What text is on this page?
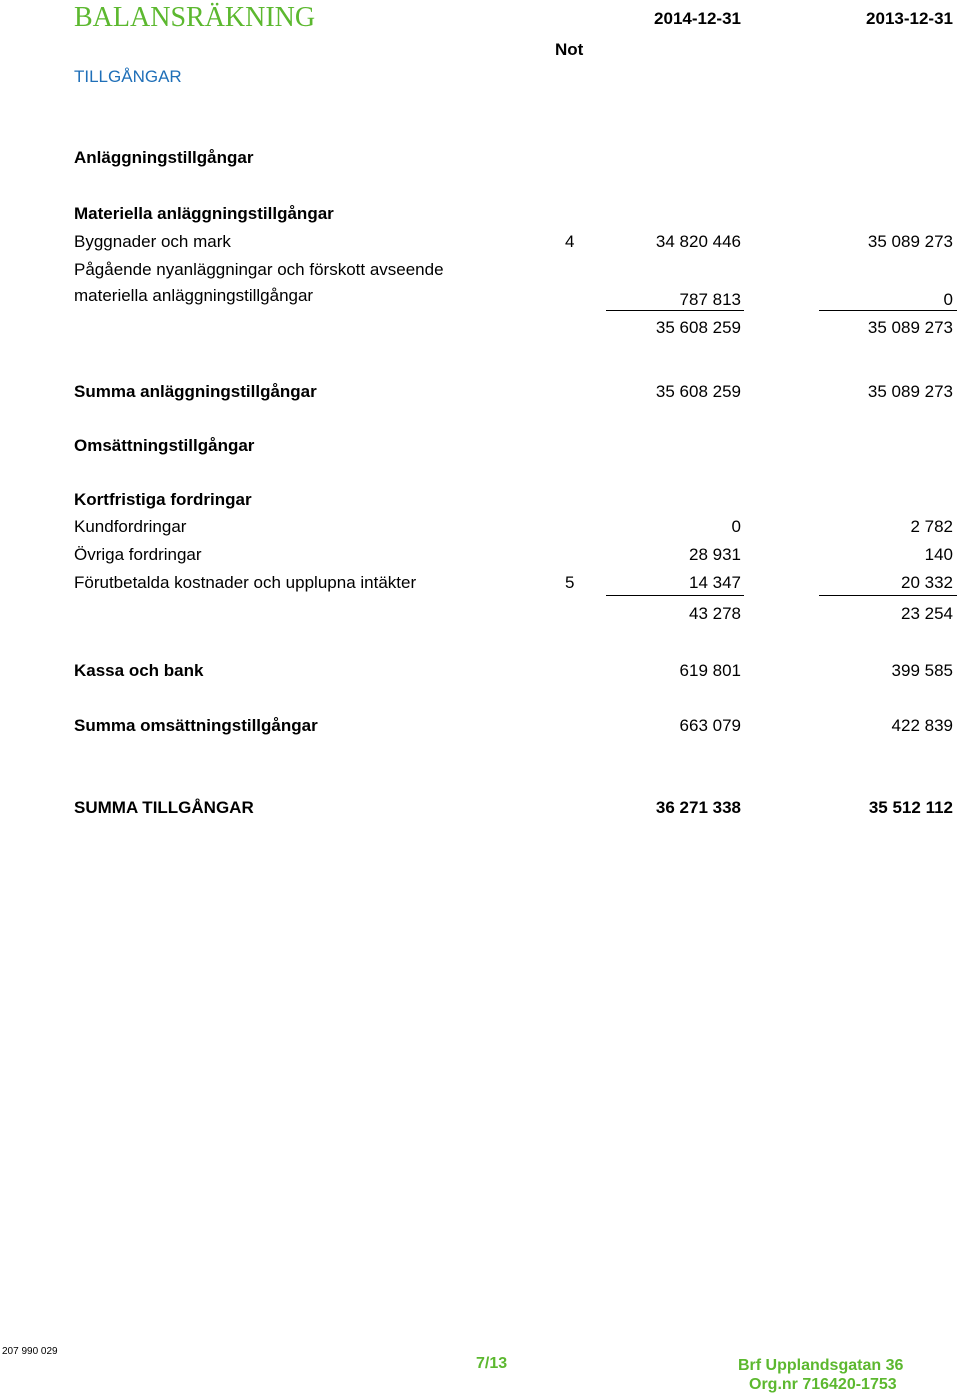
BALANSRÄKNING	2014-12-31	2013-12-31
Not
TILLGÅNGAR
Anläggningstillgångar
Materiella anläggningstillgångar
Byggnader och mark	4	34 820 446	35 089 273
Pågående nyanläggningar och förskott avseende
materiella anläggningstillgångar	787 813	0
35 608 259	35 089 273
Summa anläggningstillgångar	35 608 259	35 089 273
Omsättningstillgångar
Kortfristiga fordringar
Kundfordringar	0	2 782
Övriga fordringar	28 931	140
Förutbetalda kostnader och upplupna intäkter	5	14 347	20 332
43 278	23 254
Kassa och bank	619 801	399 585
Summa omsättningstillgångar	663 079	422 839
SUMMA TILLGÅNGAR	36 271 338	35 512 112
207 990 029
7/13	Brf Upplandsgatan 36
Org.nr 716420-1753
